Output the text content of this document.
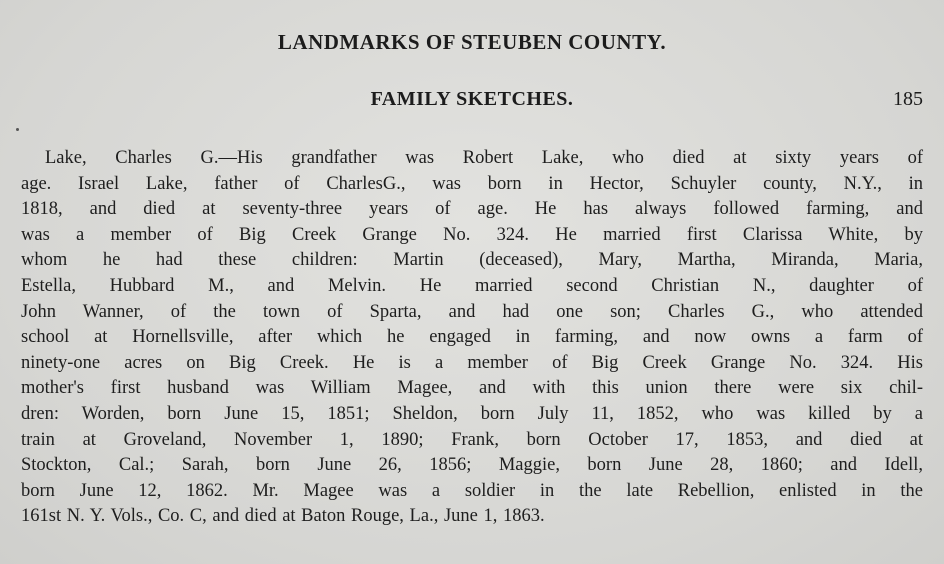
LANDMARKS OF STEUBEN COUNTY.
FAMILY SKETCHES.	185
Lake, Charles G.—His grandfather was Robert Lake, who died at sixty years of
age. Israel Lake, father of CharlesG., was born in Hector, Schuyler county, N.Y., in
1818, and died at seventy-three years of age. He has always followed farming, and
was a member of Big Creek Grange No. 324. He married first Clarissa White, by
whom he had these children: Martin (deceased), Mary, Martha, Miranda, Maria,
Estella, Hubbard M., and Melvin. He married second Christian N., daughter of
John Wanner, of the town of Sparta, and had one son; Charles G., who attended
school at Hornellsville, after which he engaged in farming, and now owns a farm of
ninety-one acres on Big Creek. He is a member of Big Creek Grange No. 324. His
mother's first husband was William Magee, and with this union there were six chil-
dren: Worden, born June 15, 1851; Sheldon, born July 11, 1852, who was killed by a
train at Groveland, November 1, 1890; Frank, born October 17, 1853, and died at
Stockton, Cal.; Sarah, born June 26, 1856; Maggie, born June 28, 1860; and Idell,
born June 12, 1862. Mr. Magee was a soldier in the late Rebellion, enlisted in the
161st N. Y. Vols., Co. C, and died at Baton Rouge, La., June 1, 1863.
